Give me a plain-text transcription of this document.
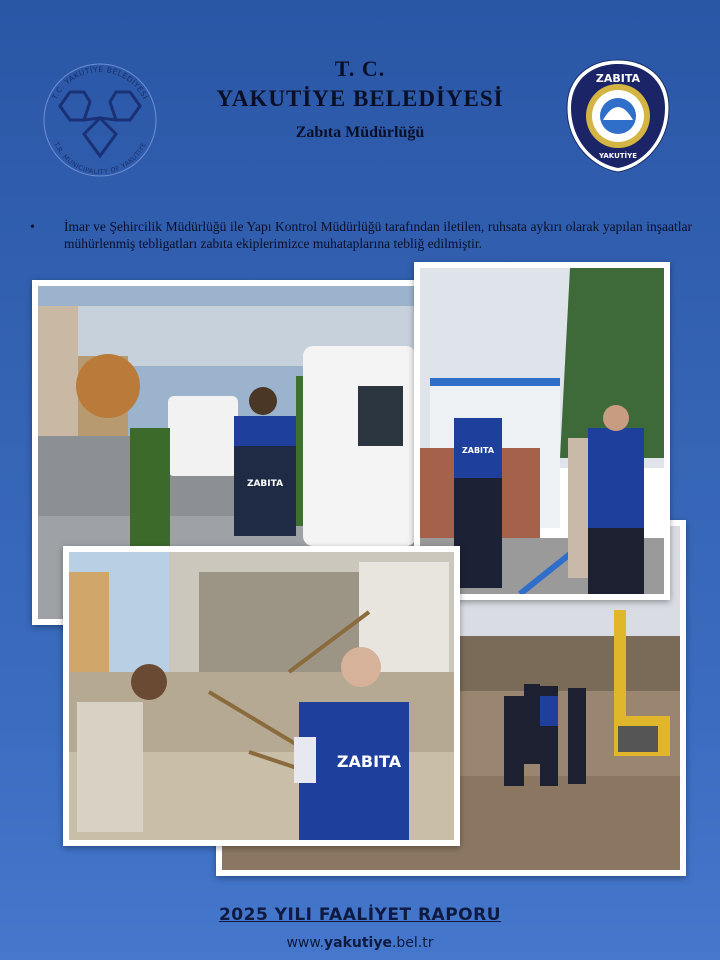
T.C. YAKUTİYE BELEDİYESİ
T.R. MUNICIPALITY OF YAKUTIYE
ZABITA
YAKUTİYE
T. C.
YAKUTİYE BELEDİYESİ
Zabıta Müdürlüğü
•	İmar ve Şehircilik Müdürlüğü ile Yapı Kontrol Müdürlüğü tarafından iletilen, ruhsata aykırı olarak yapılan inşaatlar mühürlenmiş tebligatları zabıta ekiplerimizce muhataplarına tebliğ edilmiştir.
ZABITA
ZABITA
ZABITA
2025 YILI FAALİYET RAPORU
www.yakutiye.bel.tr
